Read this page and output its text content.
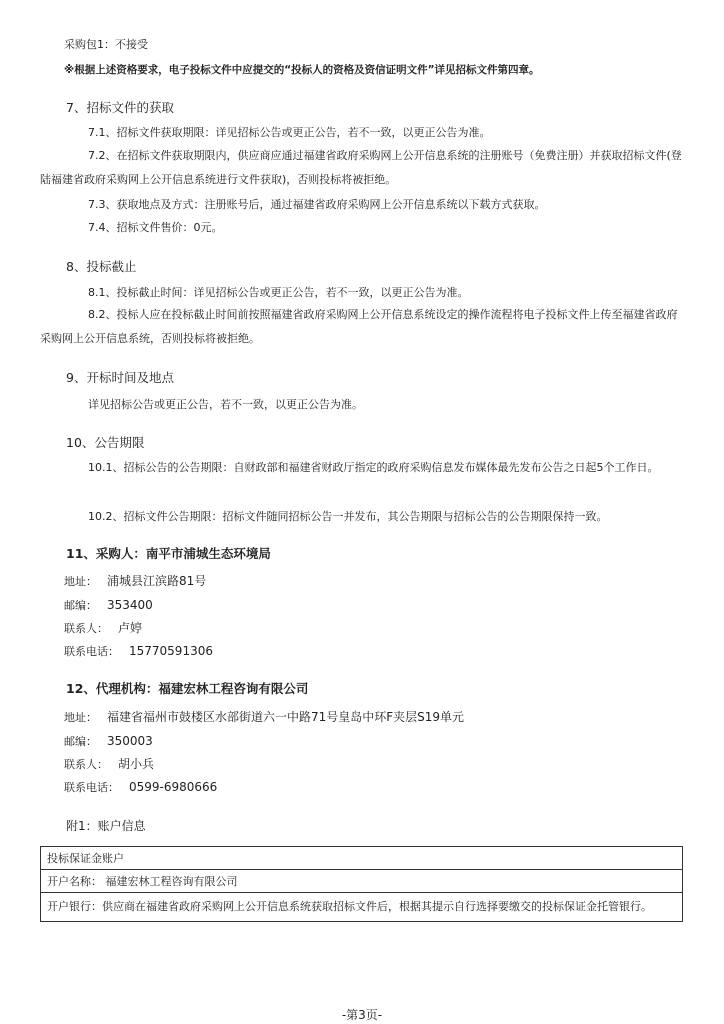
采购包1：不接受
※根据上述资格要求，电子投标文件中应提交的“投标人的资格及资信证明文件”详见招标文件第四章。
7、招标文件的获取
7.1、招标文件获取期限：详见招标公告或更正公告，若不一致，以更正公告为准。
7.2、在招标文件获取期限内，供应商应通过福建省政府采购网上公开信息系统的注册账号（免费注册）并获取招标文件(登陆福建省政府采购网上公开信息系统进行文件获取)，否则投标将被拒绝。
7.3、获取地点及方式：注册账号后，通过福建省政府采购网上公开信息系统以下载方式获取。
7.4、招标文件售价：0元。
8、投标截止
8.1、投标截止时间：详见招标公告或更正公告，若不一致，以更正公告为准。
8.2、投标人应在投标截止时间前按照福建省政府采购网上公开信息系统设定的操作流程将电子投标文件上传至福建省政府采购网上公开信息系统，否则投标将被拒绝。
9、开标时间及地点
详见招标公告或更正公告，若不一致，以更正公告为准。
10、公告期限
10.1、招标公告的公告期限：自财政部和福建省财政厅指定的政府采购信息发布媒体最先发布公告之日起5个工作日。
10.2、招标文件公告期限：招标文件随同招标公告一并发布，其公告期限与招标公告的公告期限保持一致。
11、采购人：南平市浦城生态环境局
地址： 浦城县江滨路81号
邮编： 353400
联系人： 卢婷
联系电话： 15770591306
12、代理机构：福建宏林工程咨询有限公司
地址： 福建省福州市鼓楼区水部街道六一中路71号皇岛中环F夹层S19单元
邮编： 350003
联系人： 胡小兵
联系电话： 0599-6980666
附1：账户信息
投标保证金账户
开户名称： 福建宏林工程咨询有限公司
开户银行：供应商在福建省政府采购网上公开信息系统获取招标文件后，根据其提示自行选择要缴交的投标保证金托管银行。
-第3页-
